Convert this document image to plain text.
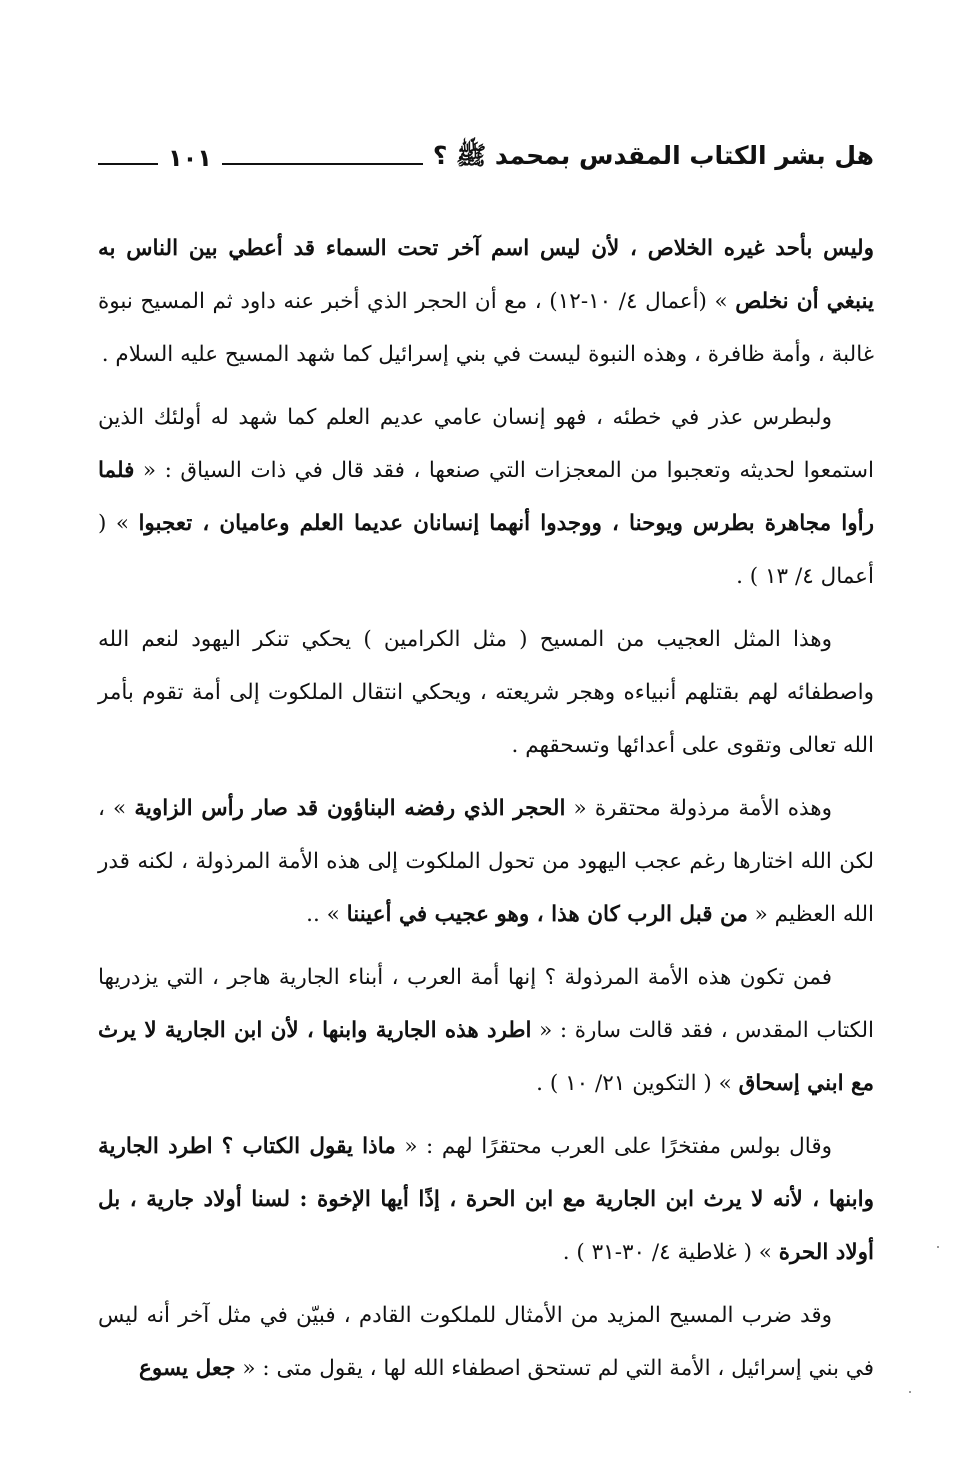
هل بشر الكتاب المقدس بمحمد ﷺ ؟
١٠١

وليس بأحد غيره الخلاص ، لأن ليس اسم آخر تحت السماء قد أعطي بين الناس به ينبغي أن نخلص » (أعمال ٤/ ١٠-١٢) ، مع أن الحجر الذي أخبر عنه داود ثم المسيح نبوة غالبة ، وأمة ظافرة ، وهذه النبوة ليست في بني إسرائيل كما شهد المسيح عليه السلام .

ولبطرس عذر في خطئه ، فهو إنسان عامي عديم العلم كما شهد له أولئك الذين استمعوا لحديثه وتعجبوا من المعجزات التي صنعها ، فقد قال في ذات السياق : « فلما رأوا مجاهرة بطرس ويوحنا ، ووجدوا أنهما إنسانان عديما العلم وعاميان ، تعجبوا » ( أعمال ٤/ ١٣ ) .

وهذا المثل العجيب من المسيح ( مثل الكرامين ) يحكي تنكر اليهود لنعم الله واصطفائه لهم بقتلهم أنبياءه وهجر شريعته ، ويحكي انتقال الملكوت إلى أمة تقوم بأمر الله تعالى وتقوى على أعدائها وتسحقهم .

وهذه الأمة مرذولة محتقرة « الحجر الذي رفضه البناؤون قد صار رأس الزاوية » ، لكن الله اختارها رغم عجب اليهود من تحول الملكوت إلى هذه الأمة المرذولة ، لكنه قدر الله العظيم « من قبل الرب كان هذا ، وهو عجيب في أعيننا » ..

فمن تكون هذه الأمة المرذولة ؟ إنها أمة العرب ، أبناء الجارية هاجر ، التي يزدريها الكتاب المقدس ، فقد قالت سارة : « اطرد هذه الجارية وابنها ، لأن ابن الجارية لا يرث مع ابني إسحاق » ( التكوين ٢١/ ١٠ ) .

وقال بولس مفتخرًا على العرب محتقرًا لهم : « ماذا يقول الكتاب ؟ اطرد الجارية وابنها ، لأنه لا يرث ابن الجارية مع ابن الحرة ، إذًا أيها الإخوة : لسنا أولاد جارية ، بل أولاد الحرة » ( غلاطية ٤/ ٣٠-٣١ ) .

وقد ضرب المسيح المزيد من الأمثال للملكوت القادم ، فبيّن في مثل آخر أنه ليس في بني إسرائيل ، الأمة التي لم تستحق اصطفاء الله لها ، يقول متى : « جعل يسوع
